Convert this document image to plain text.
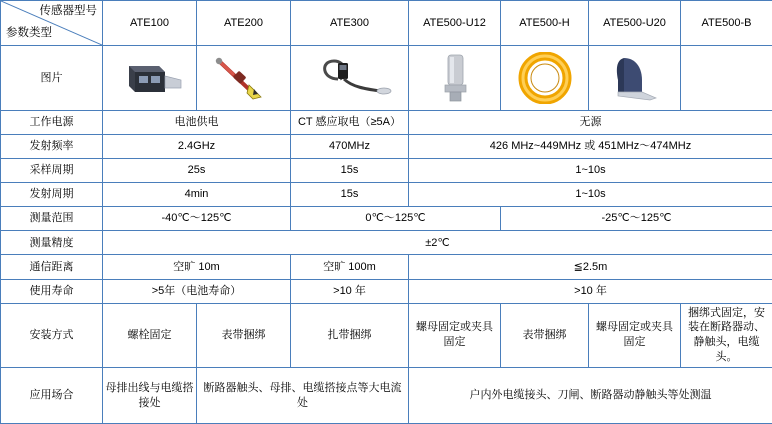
传感器型号
参数类型	ATE100	ATE200	ATE300	ATE500-U12	ATE500-H	ATE500-U20	ATE500-B
图片	

工作电源	电池供电		CT 感应取电（≥5A）	无源			
发射频率	2.4GHz		470MHz	426 MHz~449MHz 或 451MHz～474MHz			
采样周期	25s		15s	1~10s			
发射周期	4min		15s	1~10s			
测量范围	-40℃～125℃		0℃～125℃		-25℃～125℃		
测量精度	±2℃						
通信距离	空旷 10m		空旷 100m	≦2.5m			
使用寿命	>5年（电池寿命）		>10 年	>10 年			
安装方式	螺栓固定	表带捆绑	扎带捆绑	螺母固定或夹具固定	表带捆绑	螺母固定或夹具固定	捆绑式固定，安装在断路器动、静触头，电缆头。
应用场合	母排出线与电缆搭接处	断路器触头、母排、电缆搭接点等大电流处		户内外电缆接头、刀闸、断路器动静触头等处测温			
